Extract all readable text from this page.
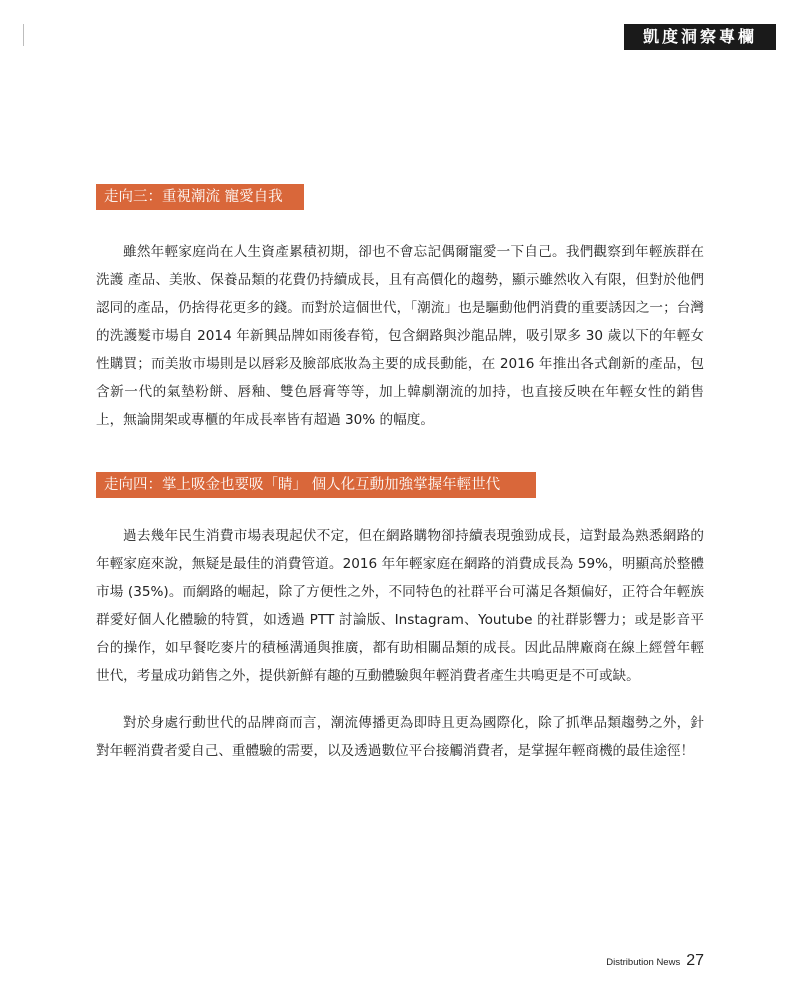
凱度洞察專欄
走向三：重視潮流 寵愛自我

雖然年輕家庭尚在人生資產累積初期，卻也不會忘記偶爾寵愛一下自己。我們觀察到年輕族群在洗護 產品、美妝、保養品類的花費仍持續成長，且有高價化的趨勢，顯示雖然收入有限，但對於他們認同的產品，仍捨得花更多的錢。而對於這個世代，「潮流」也是驅動他們消費的重要誘因之一；台灣的洗護髮市場自 2014 年新興品牌如雨後春筍，包含網路與沙龍品牌，吸引眾多 30 歲以下的年輕女性購買；而美妝市場則是以唇彩及臉部底妝為主要的成長動能，在 2016 年推出各式創新的產品，包含新一代的氣墊粉餅、唇釉、雙色唇膏等等，加上韓劇潮流的加持，也直接反映在年輕女性的銷售上，無論開架或專櫃的年成長率皆有超過 30% 的幅度。

走向四：掌上吸金也要吸「睛」 個人化互動加強掌握年輕世代

過去幾年民生消費市場表現起伏不定，但在網路購物卻持續表現強勁成長，這對最為熟悉網路的年輕家庭來說，無疑是最佳的消費管道。2016 年年輕家庭在網路的消費成長為 59%，明顯高於整體市場 (35%)。而網路的崛起，除了方便性之外，不同特色的社群平台可滿足各類偏好，正符合年輕族群愛好個人化體驗的特質，如透過 PTT 討論版、Instagram、Youtube 的社群影響力；或是影音平台的操作，如早餐吃麥片的積極溝通與推廣，都有助相關品類的成長。因此品牌廠商在線上經營年輕世代，考量成功銷售之外，提供新鮮有趣的互動體驗與年輕消費者產生共鳴更是不可或缺。

對於身處行動世代的品牌商而言，潮流傳播更為即時且更為國際化，除了抓準品類趨勢之外，針對年輕消費者愛自己、重體驗的需要，以及透過數位平台接觸消費者，是掌握年輕商機的最佳途徑！

Distribution News 27
